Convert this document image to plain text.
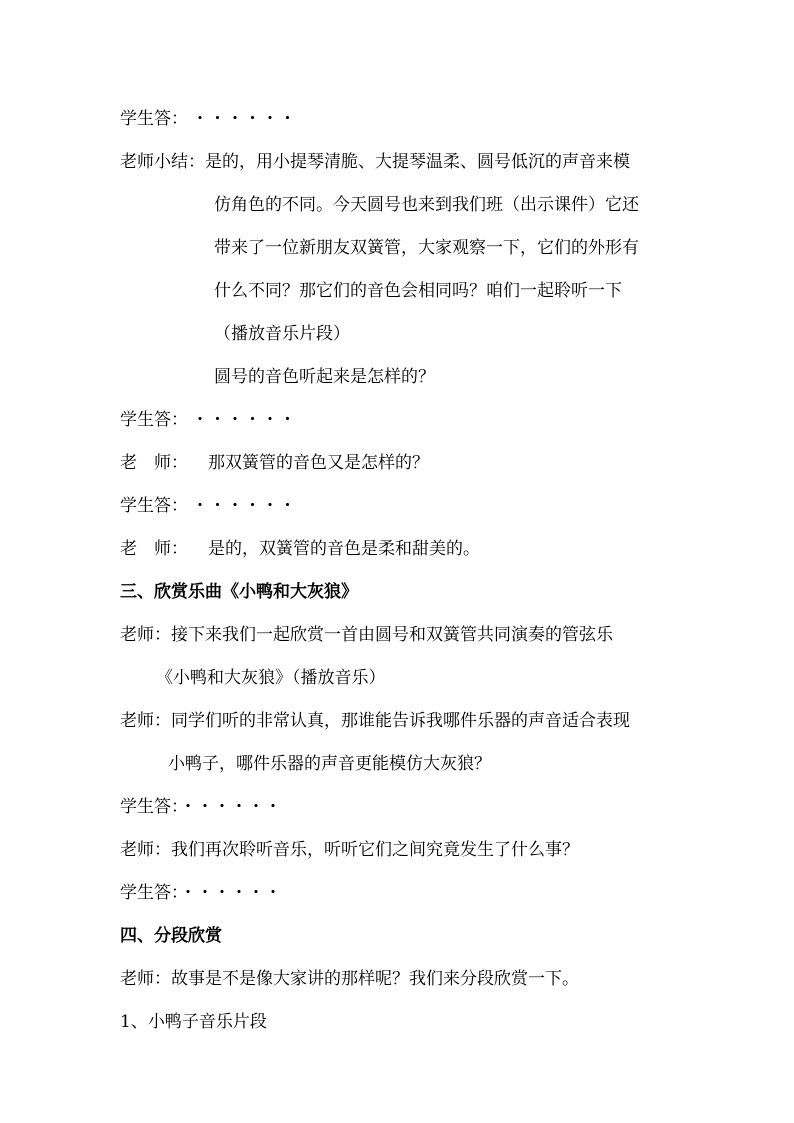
学生答： ・・・・・・
老师小结：是的，用小提琴清脆、大提琴温柔、圆号低沉的声音来模
仿角色的不同。今天圆号也来到我们班（出示课件）它还
带来了一位新朋友双簧管，大家观察一下，它们的外形有
什么不同？那它们的音色会相同吗？咱们一起聆听一下
（播放音乐片段）
圆号的音色听起来是怎样的？
学生答： ・・・・・・
老　师： 那双簧管的音色又是怎样的？
学生答： ・・・・・・
老　师： 是的，双簧管的音色是柔和甜美的。
三、欣赏乐曲《小鸭和大灰狼》
老师：接下来我们一起欣赏一首由圆号和双簧管共同演奏的管弦乐
《小鸭和大灰狼》（播放音乐）
老师：同学们听的非常认真，那谁能告诉我哪件乐器的声音适合表现
小鸭子，哪件乐器的声音更能模仿大灰狼？
学生答：・・・・・・
老师：我们再次聆听音乐，听听它们之间究竟发生了什么事？
学生答：・・・・・・
四、分段欣赏
老师：故事是不是像大家讲的那样呢？我们来分段欣赏一下。
1、小鸭子音乐片段
